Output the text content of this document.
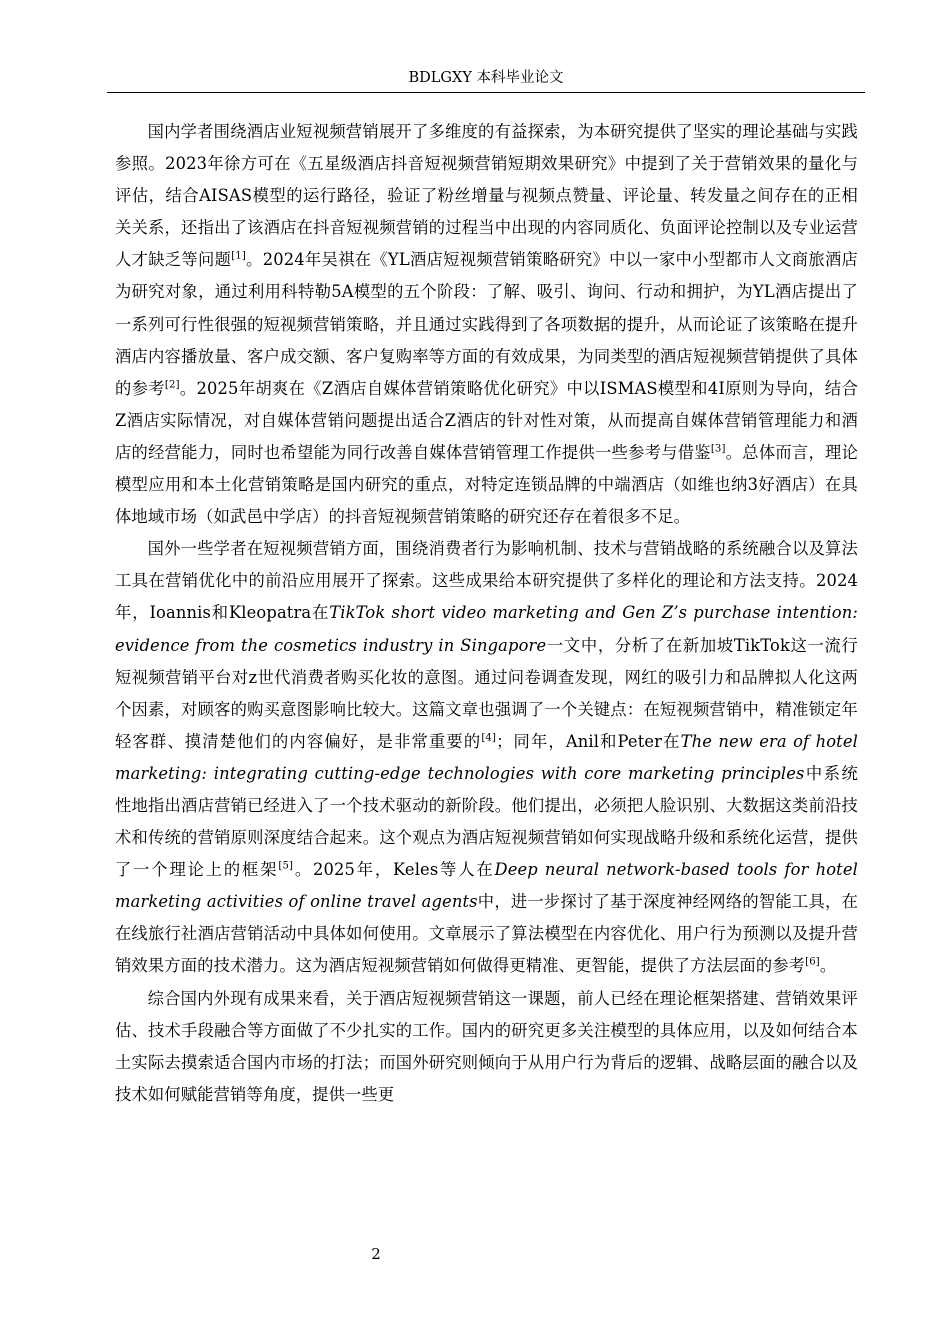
BDLGXY 本科毕业论文

国内学者围绕酒店业短视频营销展开了多维度的有益探索，为本研究提供了坚实的理论基础与实践参照。2023年徐方可在《五星级酒店抖音短视频营销短期效果研究》中提到了关于营销效果的量化与评估，结合AISAS模型的运行路径，验证了粉丝增量与视频点赞量、评论量、转发量之间存在的正相关关系，还指出了该酒店在抖音短视频营销的过程当中出现的内容同质化、负面评论控制以及专业运营人才缺乏等问题[1]。2024年吴祺在《YL酒店短视频营销策略研究》中以一家中小型都市人文商旅酒店为研究对象，通过利用科特勒5A模型的五个阶段：了解、吸引、询问、行动和拥护，为YL酒店提出了一系列可行性很强的短视频营销策略，并且通过实践得到了各项数据的提升，从而论证了该策略在提升酒店内容播放量、客户成交额、客户复购率等方面的有效成果，为同类型的酒店短视频营销提供了具体的参考[2]。2025年胡爽在《Z酒店自媒体营销策略优化研究》中以ISMAS模型和4I原则为导向，结合Z酒店实际情况，对自媒体营销问题提出适合Z酒店的针对性对策，从而提高自媒体营销管理能力和酒店的经营能力，同时也希望能为同行改善自媒体营销管理工作提供一些参考与借鉴[3]。总体而言，理论模型应用和本土化营销策略是国内研究的重点，对特定连锁品牌的中端酒店（如维也纳3好酒店）在具体地域市场（如武邑中学店）的抖音短视频营销策略的研究还存在着很多不足。

国外一些学者在短视频营销方面，围绕消费者行为影响机制、技术与营销战略的系统融合以及算法工具在营销优化中的前沿应用展开了探索。这些成果给本研究提供了多样化的理论和方法支持。2024年，Ioannis和Kleopatra在TikTok short video marketing and Gen Z’s purchase intention: evidence from the cosmetics industry in Singapore一文中，分析了在新加坡TikTok这一流行短视频营销平台对z世代消费者购买化妆的意图。通过问卷调查发现，网红的吸引力和品牌拟人化这两个因素，对顾客的购买意图影响比较大。这篇文章也强调了一个关键点：在短视频营销中，精准锁定年轻客群、摸清楚他们的内容偏好，是非常重要的[4]；同年，Anil和Peter在The new era of hotel marketing: integrating cutting-edge technologies with core marketing principles中系统性地指出酒店营销已经进入了一个技术驱动的新阶段。他们提出，必须把人脸识别、大数据这类前沿技术和传统的营销原则深度结合起来。这个观点为酒店短视频营销如何实现战略升级和系统化运营，提供了一个理论上的框架[5]。2025年，Keles等人在Deep neural network-based tools for hotel marketing activities of online travel agents中，进一步探讨了基于深度神经网络的智能工具，在在线旅行社酒店营销活动中具体如何使用。文章展示了算法模型在内容优化、用户行为预测以及提升营销效果方面的技术潜力。这为酒店短视频营销如何做得更精准、更智能，提供了方法层面的参考[6]。

综合国内外现有成果来看，关于酒店短视频营销这一课题，前人已经在理论框架搭建、营销效果评估、技术手段融合等方面做了不少扎实的工作。国内的研究更多关注模型的具体应用，以及如何结合本土实际去摸索适合国内市场的打法；而国外研究则倾向于从用户行为背后的逻辑、战略层面的融合以及技术如何赋能营销等角度，提供一些更

2
